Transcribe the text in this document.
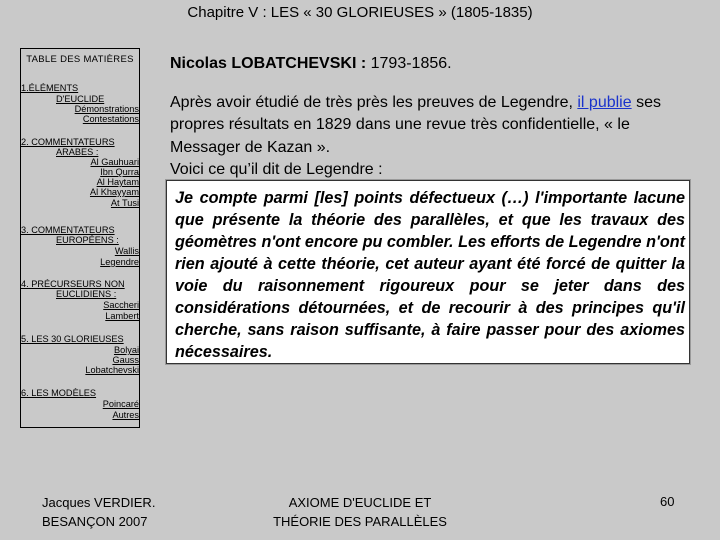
Chapitre V : LES « 30 GLORIEUSES » (1805-1835)
TABLE DES MATIÈRES
1.ÉLÉMENTS
D'EUCLIDE
Démonstrations
Contestations
2. COMMENTATEURS
ARABES :
Al Gauhuari
Ibn Qurra
Al Haytam
Al Khayyam
At Tusi
3. COMMENTATEURS
EUROPÉENS :
Wallis
Legendre
4. PRÉCURSEURS NON
EUCLIDIENS :
Saccheri
Lambert
5. LES 30 GLORIEUSES
Bolyai
Gauss
Lobatchevski
6. LES MODÈLES
Poincaré
Autres
Nicolas LOBATCHEVSKI : 1793-1856.
Après avoir étudié de très près les preuves de Legendre, il publie ses propres résultats en 1829 dans une revue très confidentielle, « le Messager de Kazan ».
Voici ce qu’il dit de Legendre :
Je compte parmi [les] points défectueux (…) l'importante lacune que présente la théorie des parallèles, et que les travaux des géomètres n'ont encore pu combler. Les efforts de Legendre n'ont rien ajouté à cette théorie, cet auteur ayant été forcé de quitter la voie du raisonnement rigoureux pour se jeter dans des considérations détournées, et de recourir à des principes qu'il cherche, sans raison suffisante, à faire passer pour des axiomes nécessaires.
Jacques VERDIER.
BESANÇON 2007
AXIOME D'EUCLIDE ET
THÉORIE DES PARALLÈLES
60
